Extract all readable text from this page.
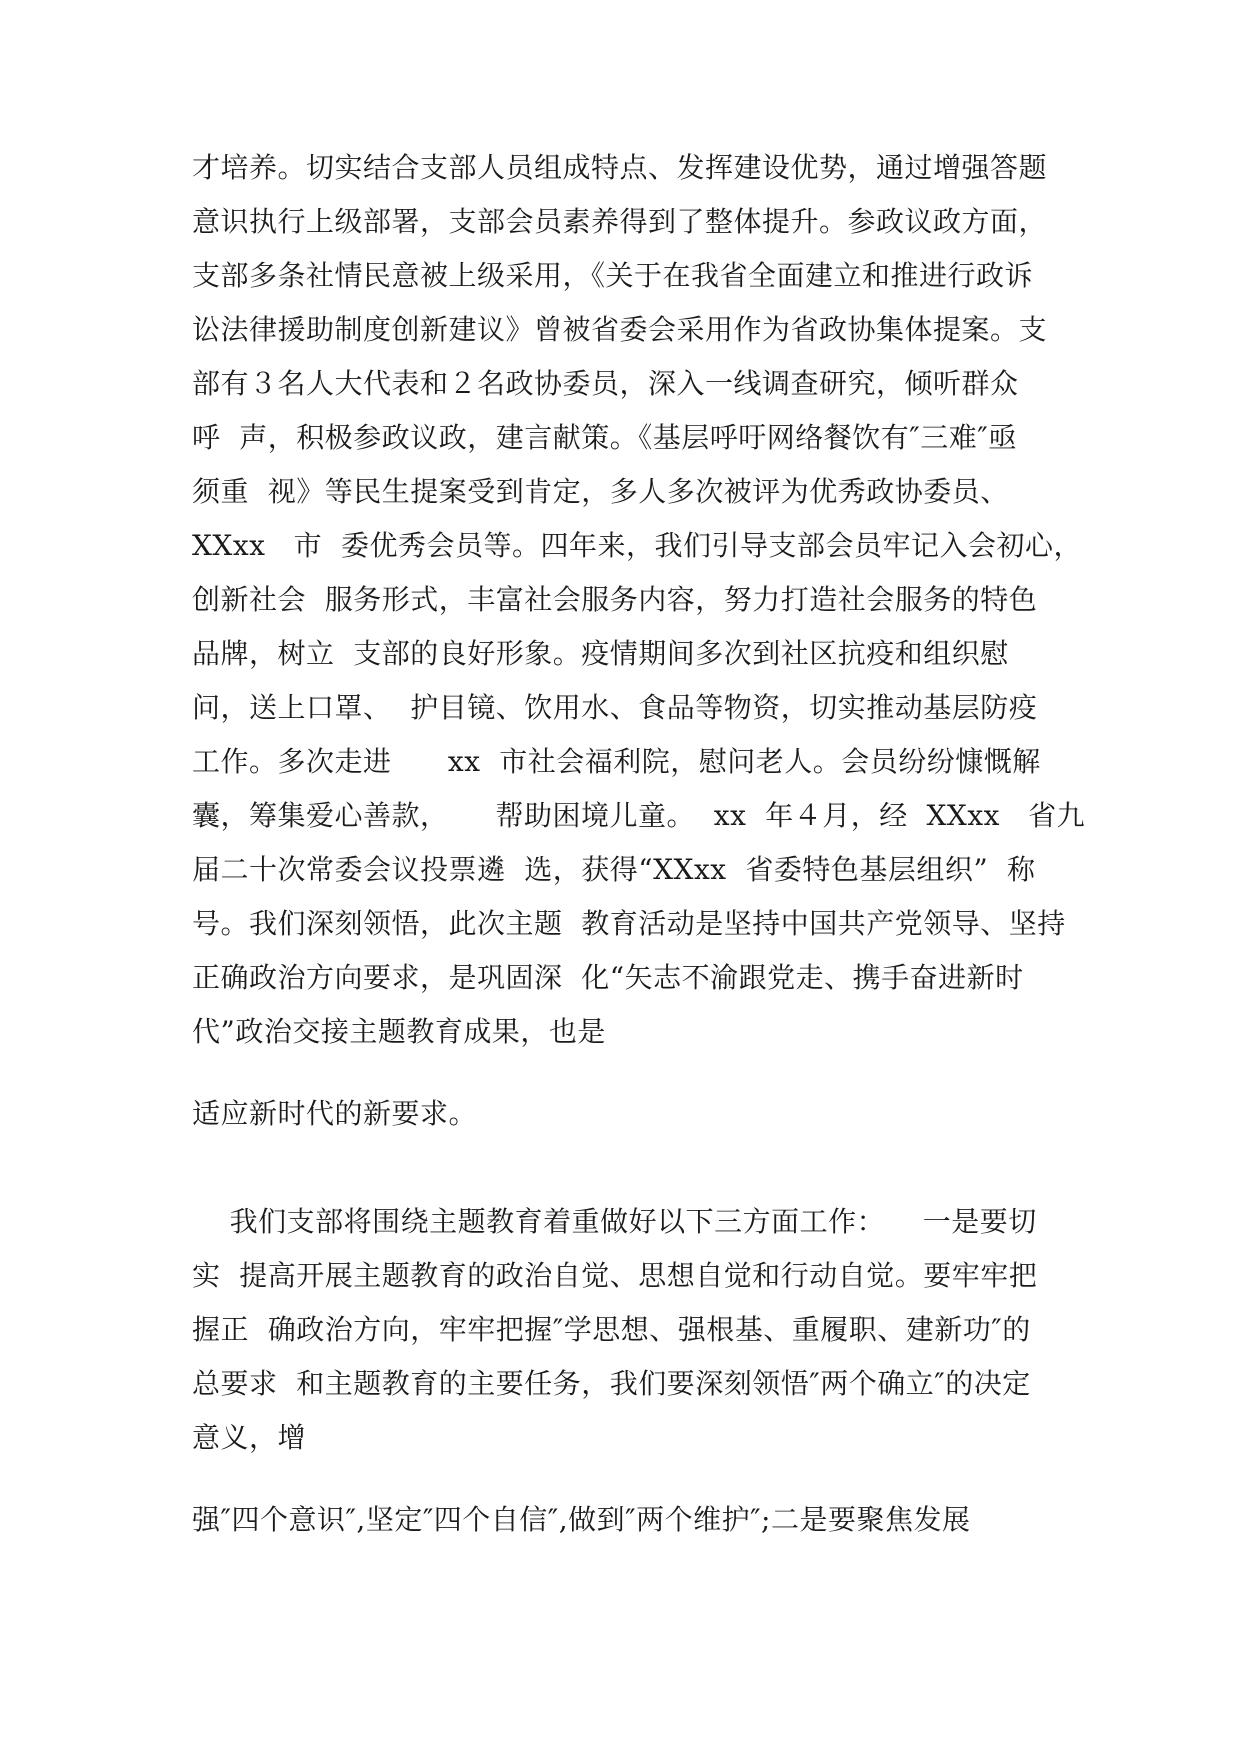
才培养。切实结合支部人员组成特点、发挥建设优势，通过增强答题
意识执行上级部署，支部会员素养得到了整体提升。参政议政方面，
支部多条社情民意被上级采用，《关于在我省全面建立和推进行政诉
讼法律援助制度创新建议》曾被省委会采用作为省政协集体提案。支
部有３名人大代表和２名政协委员，深入一线调查研究，倾听群众
呼  声，积极参政议政，建言献策。《基层呼吁网络餐饮有″三难″亟
须重  视》等民生提案受到肯定，多人多次被评为优秀政协委员、
XXxx   市  委优秀会员等。四年来，我们引导支部会员牢记入会初心，
创新社会  服务形式，丰富社会服务内容，努力打造社会服务的特色
品牌，树立  支部的良好形象。疫情期间多次到社区抗疫和组织慰
问，送上口罩、  护目镜、饮用水、食品等物资，切实推动基层防疫
工作。多次走进      xx  市社会福利院，慰问老人。会员纷纷慷慨解
囊，筹集爱心善款，     帮助困境儿童。  xx  年４月，经  XXxx   省九
届二十次常委会议投票遴  选，获得“XXxx  省委特色基层组织”  称
号。我们深刻领悟，此次主题  教育活动是坚持中国共产党领导、坚持
正确政治方向要求，是巩固深  化“矢志不渝跟党走、携手奋进新时
代”政治交接主题教育成果，也是
适应新时代的新要求。
我们支部将围绕主题教育着重做好以下三方面工作：    一是要切
实  提高开展主题教育的政治自觉、思想自觉和行动自觉。要牢牢把
握正  确政治方向，牢牢把握″学思想、强根基、重履职、建新功″的
总要求  和主题教育的主要任务，我们要深刻领悟″两个确立″的决定
意义，增
强″四个意识″,坚定″四个自信″,做到″两个维护″;二是要聚焦发展
